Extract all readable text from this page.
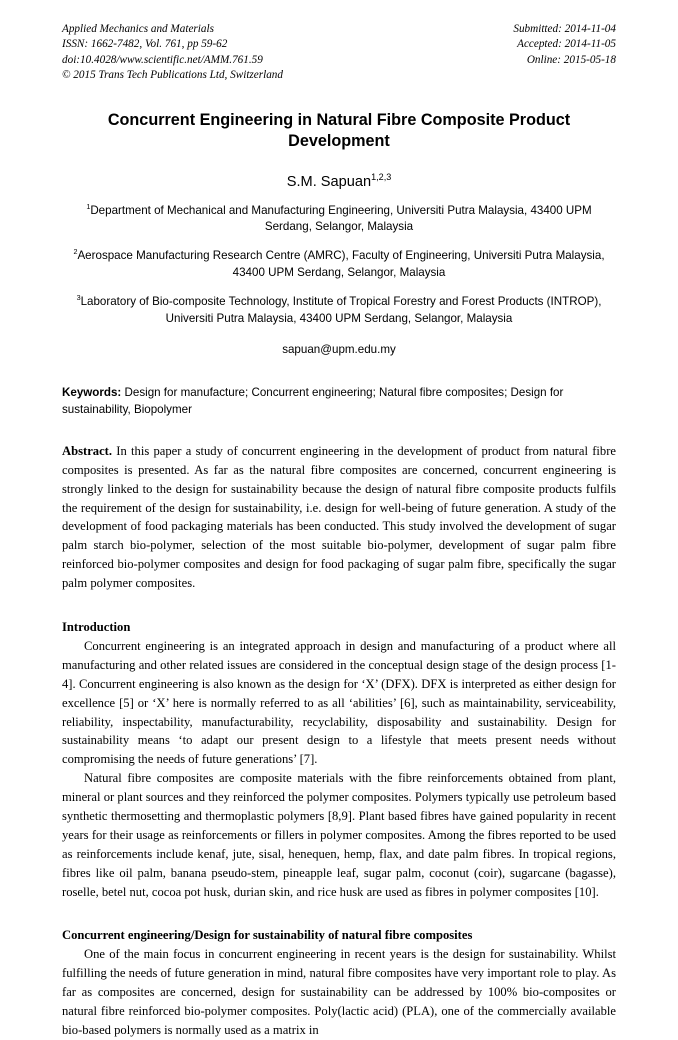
Applied Mechanics and Materials
ISSN: 1662-7482, Vol. 761, pp 59-62
doi:10.4028/www.scientific.net/AMM.761.59
© 2015 Trans Tech Publications Ltd, Switzerland
Submitted: 2014-11-04
Accepted: 2014-11-05
Online: 2015-05-18
Concurrent Engineering in Natural Fibre Composite Product Development
S.M. Sapuan$^{1,2,3}$
$^1$Department of Mechanical and Manufacturing Engineering, Universiti Putra Malaysia, 43400 UPM Serdang, Selangor, Malaysia
$^2$Aerospace Manufacturing Research Centre (AMRC), Faculty of Engineering, Universiti Putra Malaysia, 43400 UPM Serdang, Selangor, Malaysia
$^3$Laboratory of Bio-composite Technology, Institute of Tropical Forestry and Forest Products (INTROP), Universiti Putra Malaysia, 43400 UPM Serdang, Selangor, Malaysia
sapuan@upm.edu.my
Keywords: Design for manufacture; Concurrent engineering; Natural fibre composites; Design for sustainability, Biopolymer
Abstract. In this paper a study of concurrent engineering in the development of product from natural fibre composites is presented. As far as the natural fibre composites are concerned, concurrent engineering is strongly linked to the design for sustainability because the design of natural fibre composite products fulfils the requirement of the design for sustainability, i.e. design for well-being of future generation. A study of the development of food packaging materials has been conducted. This study involved the development of sugar palm starch bio-polymer, selection of the most suitable bio-polymer, development of sugar palm fibre reinforced bio-polymer composites and design for food packaging of sugar palm fibre, specifically the sugar palm polymer composites.
Introduction

Concurrent engineering is an integrated approach in design and manufacturing of a product where all manufacturing and other related issues are considered in the conceptual design stage of the design process [1-4]. Concurrent engineering is also known as the design for ‘X’ (DFX). DFX is interpreted as either design for excellence [5] or ‘X’ here is normally referred to as all ‘abilities’ [6], such as maintainability, serviceability, reliability, inspectability, manufacturability, recyclability, disposability and sustainability. Design for sustainability means ‘to adapt our present design to a lifestyle that meets present needs without compromising the needs of future generations’ [7].

Natural fibre composites are composite materials with the fibre reinforcements obtained from plant, mineral or plant sources and they reinforced the polymer composites. Polymers typically use petroleum based synthetic thermosetting and thermoplastic polymers [8,9]. Plant based fibres have gained popularity in recent years for their usage as reinforcements or fillers in polymer composites. Among the fibres reported to be used as reinforcements include kenaf, jute, sisal, henequen, hemp, flax, and date palm fibres. In tropical regions, fibres like oil palm, banana pseudo-stem, pineapple leaf, sugar palm, coconut (coir), sugarcane (bagasse), roselle, betel nut, cocoa pot husk, durian skin, and rice husk are used as fibres in polymer composites [10].

Concurrent engineering/Design for sustainability of natural fibre composites

One of the main focus in concurrent engineering in recent years is the design for sustainability. Whilst fulfilling the needs of future generation in mind, natural fibre composites have very important role to play. As far as composites are concerned, design for sustainability can be addressed by 100% bio-composites or natural fibre reinforced bio-polymer composites. Poly(lactic acid) (PLA), one of the commercially available bio-based polymers is normally used as a matrix in
